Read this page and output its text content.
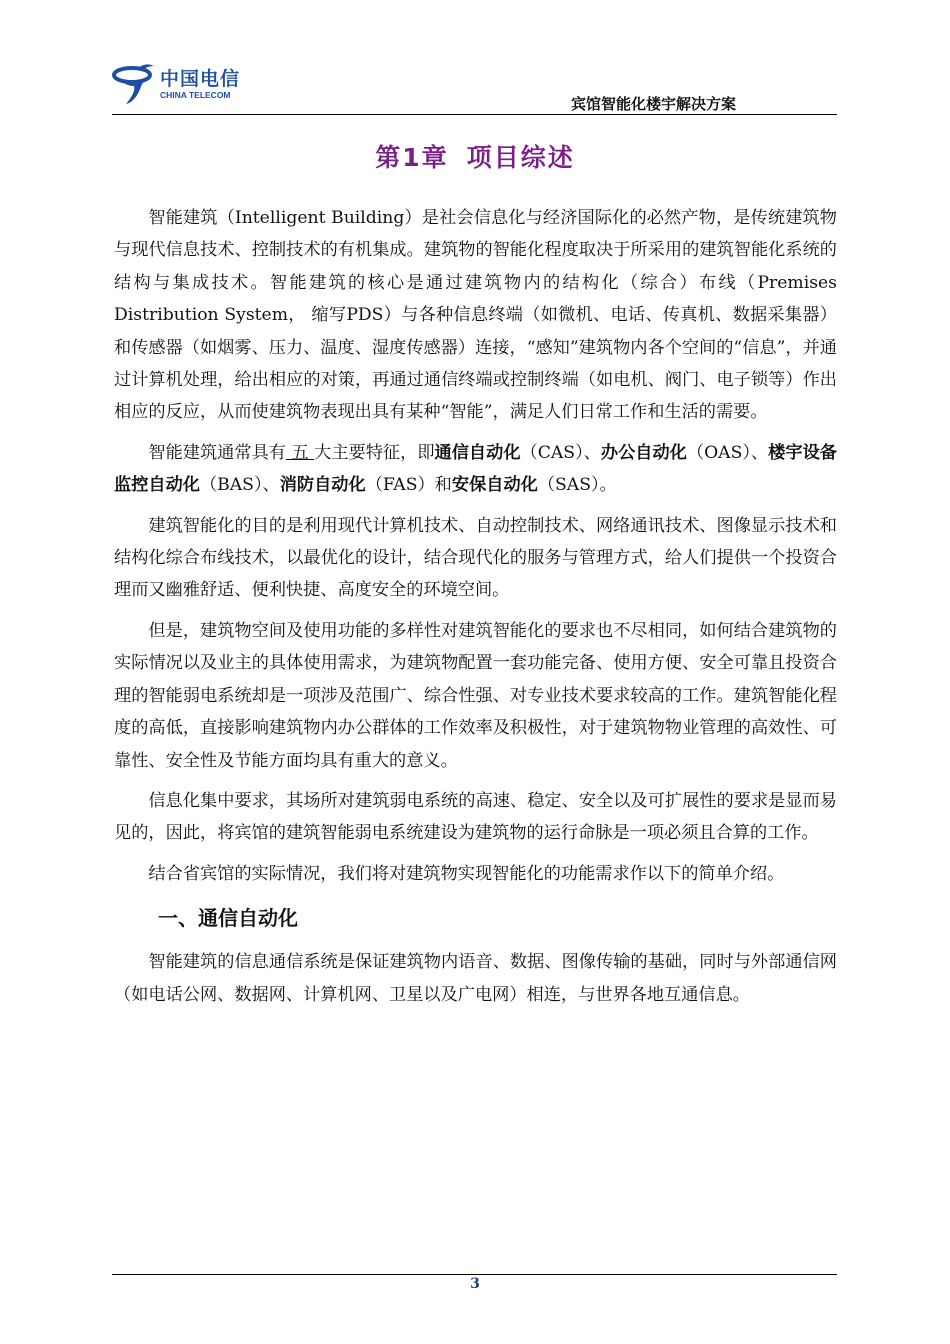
中国电信
CHINA TELECOM	宾馆智能化楼宇解决方案
第1章 项目综述

智能建筑（Intelligent Building）是社会信息化与经济国际化的必然产物，是传统建筑物与现代信息技术、控制技术的有机集成。建筑物的智能化程度取决于所采用的建筑智能化系统的结构与集成技术。智能建筑的核心是通过建筑物内的结构化（综合）布线（Premises Distribution System， 缩写PDS）与各种信息终端（如微机、电话、传真机、数据采集器）和传感器（如烟雾、压力、温度、湿度传感器）连接，“感知”建筑物内各个空间的“信息”，并通过计算机处理，给出相应的对策，再通过通信终端或控制终端（如电机、阀门、电子锁等）作出相应的反应，从而使建筑物表现出具有某种“智能”，满足人们日常工作和生活的需要。

智能建筑通常具有 五 大主要特征，即通信自动化（CAS）、办公自动化（OAS）、楼宇设备监控自动化（BAS）、消防自动化（FAS）和安保自动化（SAS）。

建筑智能化的目的是利用现代计算机技术、自动控制技术、网络通讯技术、图像显示技术和结构化综合布线技术，以最优化的设计，结合现代化的服务与管理方式，给人们提供一个投资合理而又幽雅舒适、便利快捷、高度安全的环境空间。

但是，建筑物空间及使用功能的多样性对建筑智能化的要求也不尽相同，如何结合建筑物的实际情况以及业主的具体使用需求，为建筑物配置一套功能完备、使用方便、安全可靠且投资合理的智能弱电系统却是一项涉及范围广、综合性强、对专业技术要求较高的工作。建筑智能化程度的高低，直接影响建筑物内办公群体的工作效率及积极性，对于建筑物物业管理的高效性、可靠性、安全性及节能方面均具有重大的意义。

信息化集中要求，其场所对建筑弱电系统的高速、稳定、安全以及可扩展性的要求是显而易见的，因此，将宾馆的建筑智能弱电系统建设为建筑物的运行命脉是一项必须且合算的工作。

结合省宾馆的实际情况，我们将对建筑物实现智能化的功能需求作以下的简单介绍。

一、通信自动化

智能建筑的信息通信系统是保证建筑物内语音、数据、图像传输的基础，同时与外部通信网（如电话公网、数据网、计算机网、卫星以及广电网）相连，与世界各地互通信息。

3
